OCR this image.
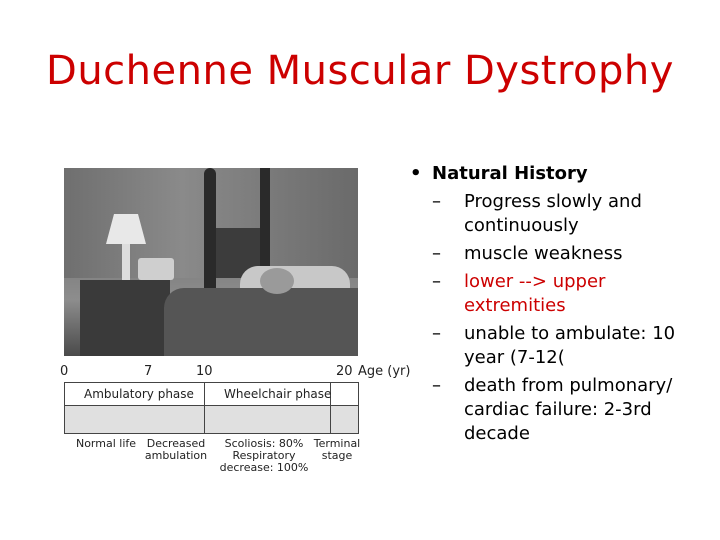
Duchenne Muscular Dystrophy
0	7	10	20 Age (yr)
Ambulatory phase	Wheelchair phase
Normal life Decreased ambulation
Scoliosis: 80% Respiratory decrease: 100%
Terminal stage
• Natural History
– Progress slowly and continuously
– muscle weakness
– lower --> upper extremities
– unable to ambulate: 10 year (7-12(
– death from pulmonary/ cardiac failure: 2-3rd decade
